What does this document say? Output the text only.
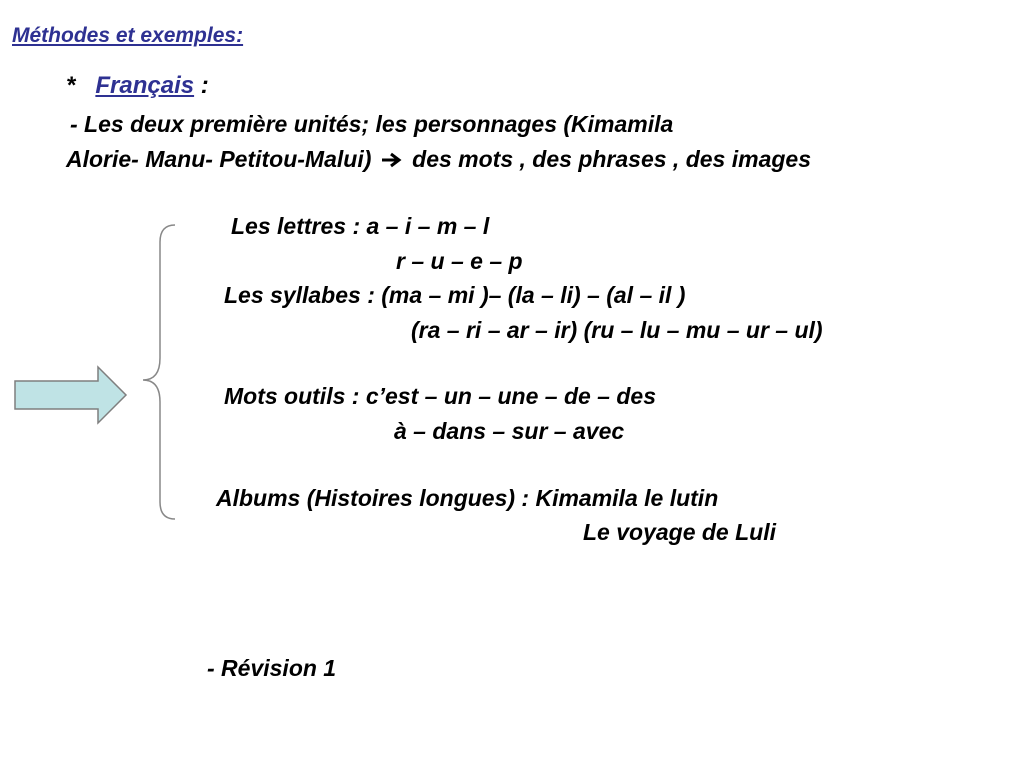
Méthodes et exemples:
* Français :
- Les deux première unités; les personnages (Kimamila
Alorie- Manu- Petitou-Malui) des mots , des phrases , des images
Les lettres : a – i – m – l
r – u – e – p
Les syllabes : (ma – mi )– (la – li) – (al – il )
(ra – ri – ar – ir) (ru – lu – mu – ur – ul)
Mots outils : c’est – un – une – de – des
à – dans – sur – avec
Albums (Histoires longues) : Kimamila le lutin
Le voyage de Luli
- Révision 1
